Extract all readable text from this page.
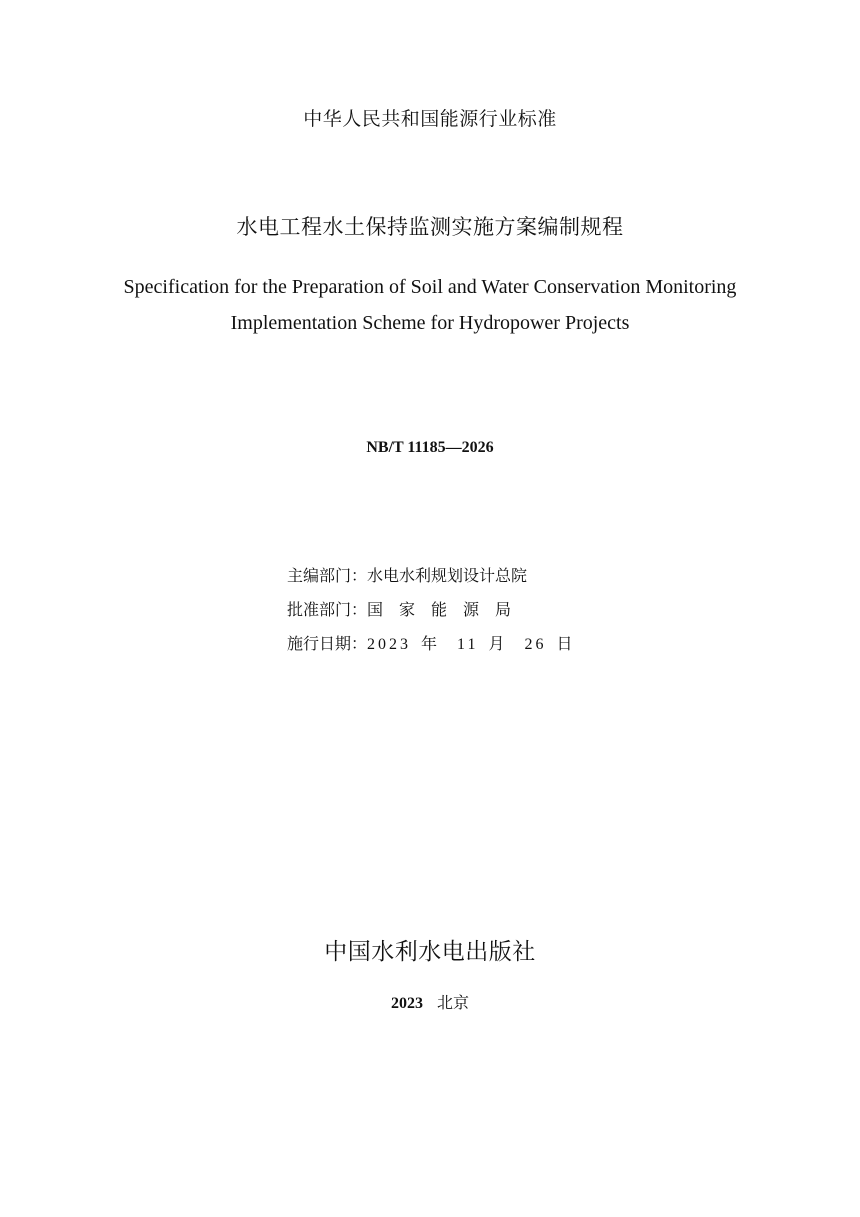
中华人民共和国能源行业标准
水电工程水土保持监测实施方案编制规程
Specification for the Preparation of Soil and Water Conservation Monitoring
Implementation Scheme for Hydropower Projects
NB/T 11185—2026
主编部门：水电水利规划设计总院
批准部门：国家能源局
施行日期：2023 年 11 月 26 日
中国水利水电出版社
2023 北京
